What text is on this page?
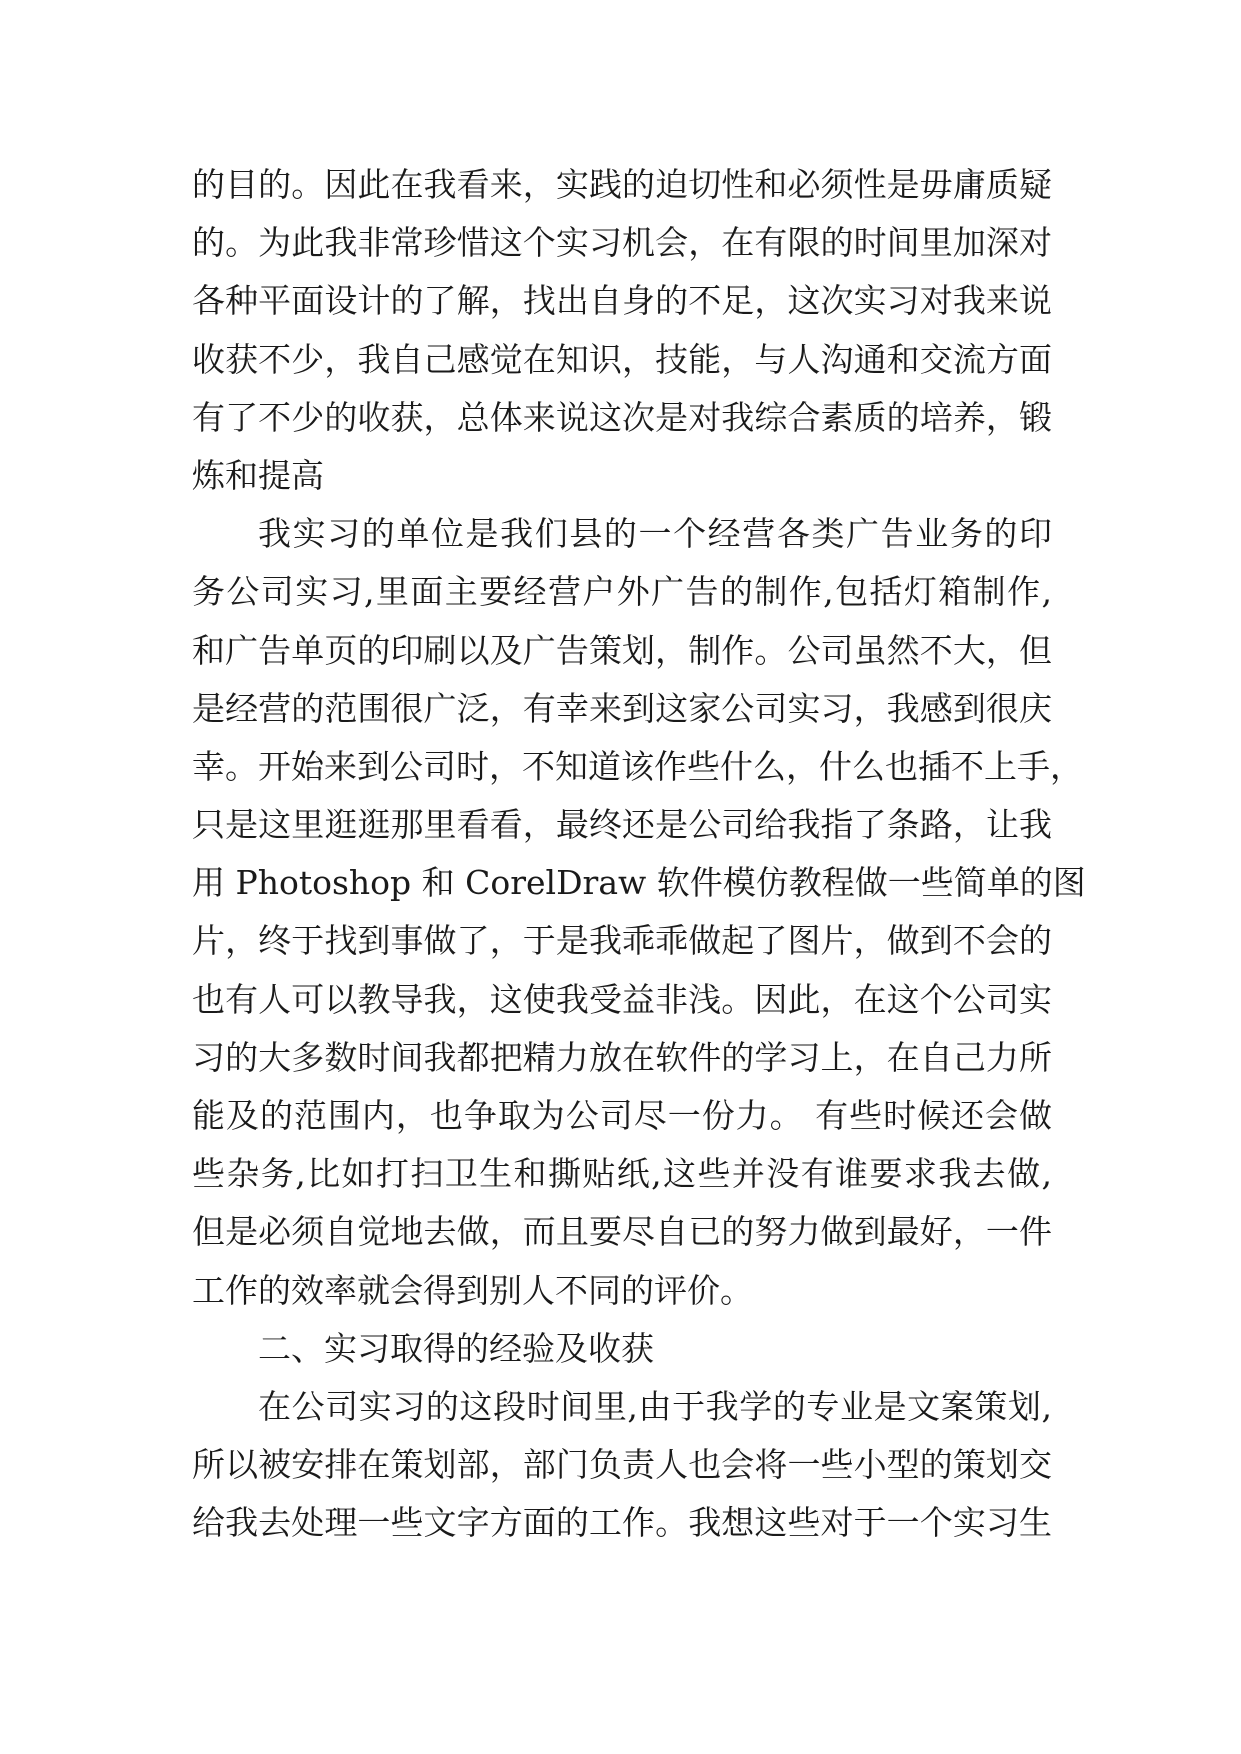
的目的。因此在我看来，实践的迫切性和必须性是毋庸质疑
的。为此我非常珍惜这个实习机会，在有限的时间里加深对
各种平面设计的了解，找出自身的不足，这次实习对我来说
收获不少，我自己感觉在知识，技能，与人沟通和交流方面
有了不少的收获，总体来说这次是对我综合素质的培养，锻
炼和提高
我实习的单位是我们县的一个经营各类广告业务的印
务公司实习,里面主要经营户外广告的制作,包括灯箱制作,
和广告单页的印刷以及广告策划，制作。公司虽然不大，但
是经营的范围很广泛，有幸来到这家公司实习，我感到很庆
幸。开始来到公司时，不知道该作些什么，什么也插不上手，
只是这里逛逛那里看看，最终还是公司给我指了条路，让我
用 Photoshop 和 CorelDraw 软件模仿教程做一些简单的图
片，终于找到事做了，于是我乖乖做起了图片，做到不会的
也有人可以教导我，这使我受益非浅。因此，在这个公司实
习的大多数时间我都把精力放在软件的学习上，在自己力所
能及的范围内，也争取为公司尽一份力。 有些时候还会做
些杂务,比如打扫卫生和撕贴纸,这些并没有谁要求我去做,
但是必须自觉地去做，而且要尽自已的努力做到最好，一件
工作的效率就会得到别人不同的评价。
二、实习取得的经验及收获
在公司实习的这段时间里,由于我学的专业是文案策划,
所以被安排在策划部，部门负责人也会将一些小型的策划交
给我去处理一些文字方面的工作。我想这些对于一个实习生
